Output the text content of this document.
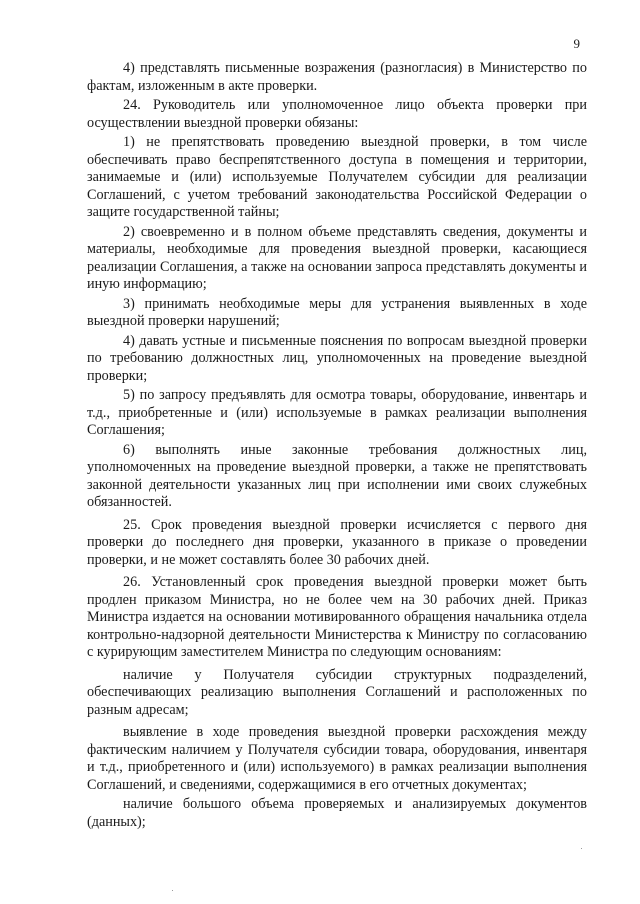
9

4) представлять письменные возражения (разногласия) в Министерство по фактам, изложенным в акте проверки.

24. Руководитель или уполномоченное лицо объекта проверки при осуществлении выездной проверки обязаны:

1) не препятствовать проведению выездной проверки, в том числе обеспечивать право беспрепятственного доступа в помещения и территории, занимаемые и (или) используемые Получателем субсидии для реализации Соглашений, с учетом требований законодательства Российской Федерации о защите государственной тайны;

2) своевременно и в полном объеме представлять сведения, документы и материалы, необходимые для проведения выездной проверки, касающиеся реализации Соглашения, а также на основании запроса представлять документы и иную информацию;

3) принимать необходимые меры для устранения выявленных в ходе выездной проверки нарушений;

4) давать устные и письменные пояснения по вопросам выездной проверки по требованию должностных лиц, уполномоченных на проведение выездной проверки;

5) по запросу предъявлять для осмотра товары, оборудование, инвентарь и т.д., приобретенные и (или) используемые в рамках реализации выполнения Соглашения;

6) выполнять иные законные требования должностных лиц, уполномоченных на проведение выездной проверки, а также не препятствовать законной деятельности указанных лиц при исполнении ими своих служебных обязанностей.

25. Срок проведения выездной проверки исчисляется с первого дня проверки до последнего дня проверки, указанного в приказе о проведении проверки, и не может составлять более 30 рабочих дней.

26. Установленный срок проведения выездной проверки может быть продлен приказом Министра, но не более чем на 30 рабочих дней. Приказ Министра издается на основании мотивированного обращения начальника отдела контрольно-надзорной деятельности Министерства к Министру по согласованию с курирующим заместителем Министра по следующим основаниям:

наличие у Получателя субсидии структурных подразделений, обеспечивающих реализацию выполнения Соглашений и расположенных по разным адресам;

выявление в ходе проведения выездной проверки расхождения между фактическим наличием у Получателя субсидии товара, оборудования, инвентаря и т.д., приобретенного и (или) используемого) в рамках реализации выполнения Соглашений, и сведениями, содержащимися в его отчетных документах;

наличие большого объема проверяемых и анализируемых документов (данных);
